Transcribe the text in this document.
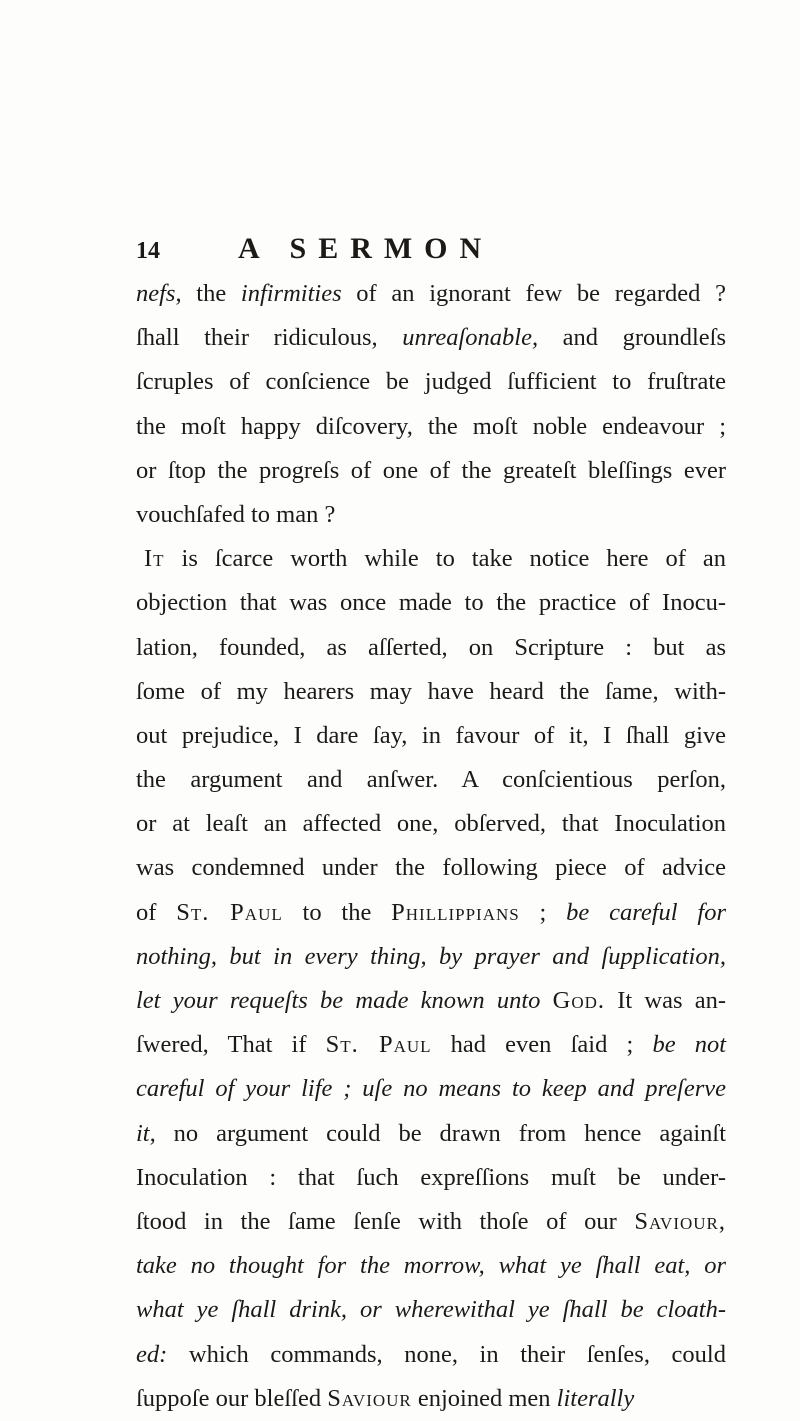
14	A SERMON
nefs, the infirmities of an ignorant few be regarded ?
ſhall their ridiculous, unreaſonable, and groundleſs
ſcruples of conſcience be judged ſufficient to fruſtrate
the moſt happy diſcovery, the moſt noble endeavour ;
or ſtop the progreſs of one of the greateſt bleſſings ever
vouchſafed to man ?
It is ſcarce worth while to take notice here of an
objection that was once made to the practice of Inocu-
lation, founded, as aſſerted, on Scripture : but as
ſome of my hearers may have heard the ſame, with-
out prejudice, I dare ſay, in favour of it, I ſhall give
the argument and anſwer. A conſcientious perſon,
or at leaſt an affected one, obſerved, that Inoculation
was condemned under the following piece of advice
of St. Paul to the Phillippians ; be careful for
nothing, but in every thing, by prayer and ſupplication,
let your requeſts be made known unto God. It was an-
ſwered, That if St. Paul had even ſaid ; be not
careful of your life ; uſe no means to keep and preſerve
it, no argument could be drawn from hence againſt
Inoculation : that ſuch expreſſions muſt be under-
ſtood in the ſame ſenſe with thoſe of our Saviour,
take no thought for the morrow, what ye ſhall eat, or
what ye ſhall drink, or wherewithal ye ſhall be cloath-
ed: which commands, none, in their ſenſes, could
ſuppoſe our bleſſed Saviour enjoined men literally
